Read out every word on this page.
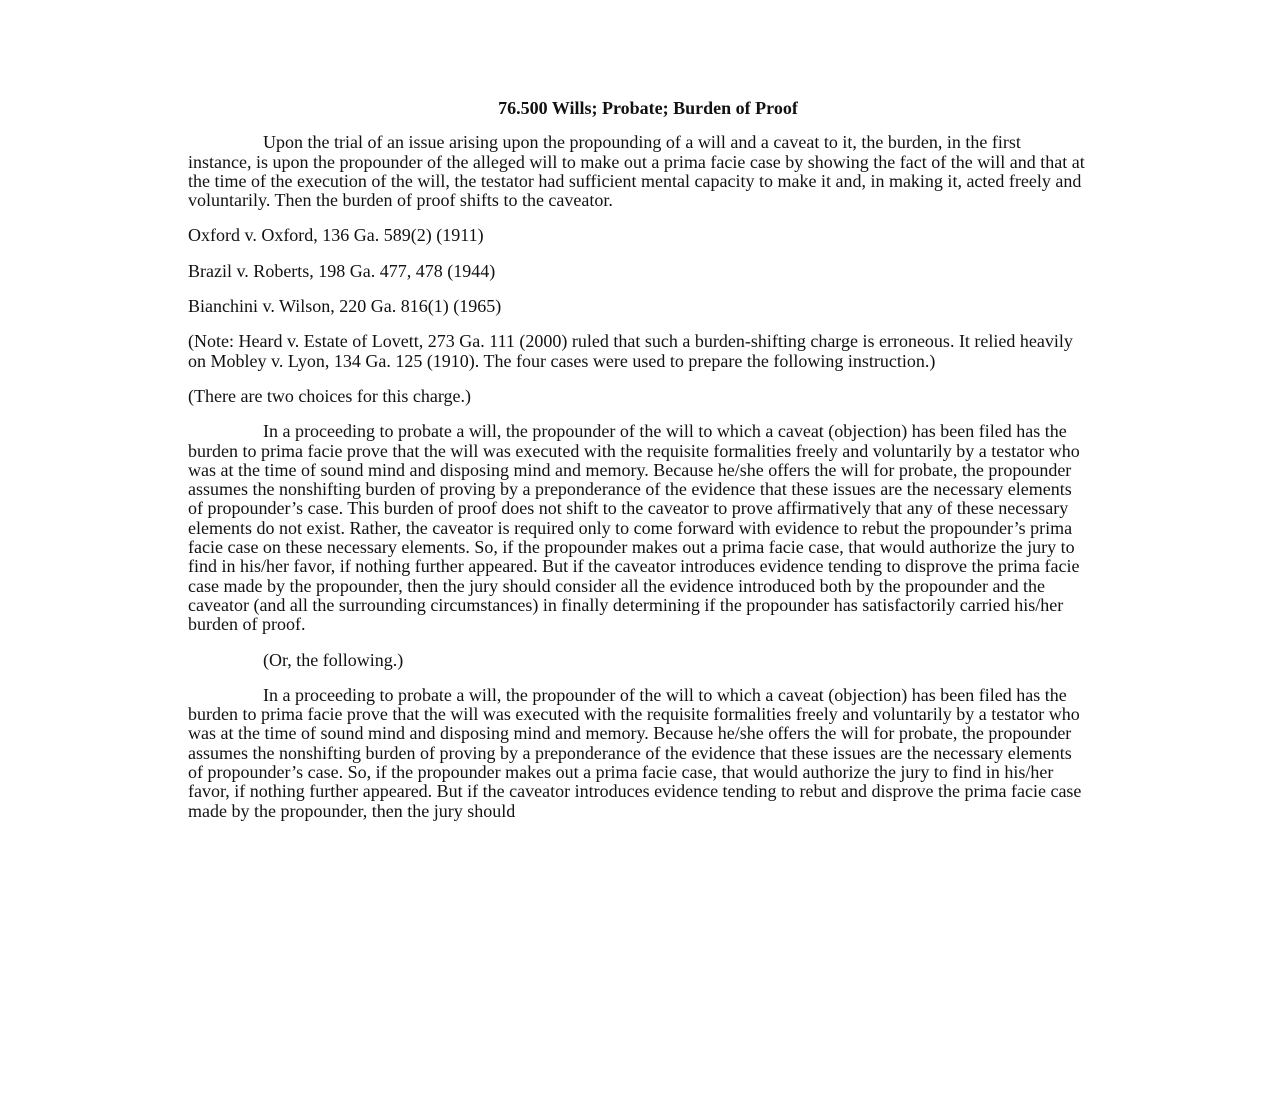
76.500 Wills; Probate; Burden of Proof

Upon the trial of an issue arising upon the propounding of a will and a caveat to it, the burden, in the first instance, is upon the propounder of the alleged will to make out a prima facie case by showing the fact of the will and that at the time of the execution of the will, the testator had sufficient mental capacity to make it and, in making it, acted freely and voluntarily. Then the burden of proof shifts to the caveator.

Oxford v. Oxford, 136 Ga. 589(2) (1911)

Brazil v. Roberts, 198 Ga. 477, 478 (1944)

Bianchini v. Wilson, 220 Ga. 816(1) (1965)

(Note: Heard v. Estate of Lovett, 273 Ga. 111 (2000) ruled that such a burden-shifting charge is erroneous. It relied heavily on Mobley v. Lyon, 134 Ga. 125 (1910). The four cases were used to prepare the following instruction.)

(There are two choices for this charge.)

In a proceeding to probate a will, the propounder of the will to which a caveat (objection) has been filed has the burden to prima facie prove that the will was executed with the requisite formalities freely and voluntarily by a testator who was at the time of sound mind and disposing mind and memory. Because he/she offers the will for probate, the propounder assumes the nonshifting burden of proving by a preponderance of the evidence that these issues are the necessary elements of propounder’s case. This burden of proof does not shift to the caveator to prove affirmatively that any of these necessary elements do not exist. Rather, the caveator is required only to come forward with evidence to rebut the propounder’s prima facie case on these necessary elements. So, if the propounder makes out a prima facie case, that would authorize the jury to find in his/her favor, if nothing further appeared. But if the caveator introduces evidence tending to disprove the prima facie case made by the propounder, then the jury should consider all the evidence introduced both by the propounder and the caveator (and all the surrounding circumstances) in finally determining if the propounder has satisfactorily carried his/her burden of proof.

(Or, the following.)

In a proceeding to probate a will, the propounder of the will to which a caveat (objection) has been filed has the burden to prima facie prove that the will was executed with the requisite formalities freely and voluntarily by a testator who was at the time of sound mind and disposing mind and memory. Because he/she offers the will for probate, the propounder assumes the nonshifting burden of proving by a preponderance of the evidence that these issues are the necessary elements of propounder’s case. So, if the propounder makes out a prima facie case, that would authorize the jury to find in his/her favor, if nothing further appeared. But if the caveator introduces evidence tending to rebut and disprove the prima facie case made by the propounder, then the jury should
